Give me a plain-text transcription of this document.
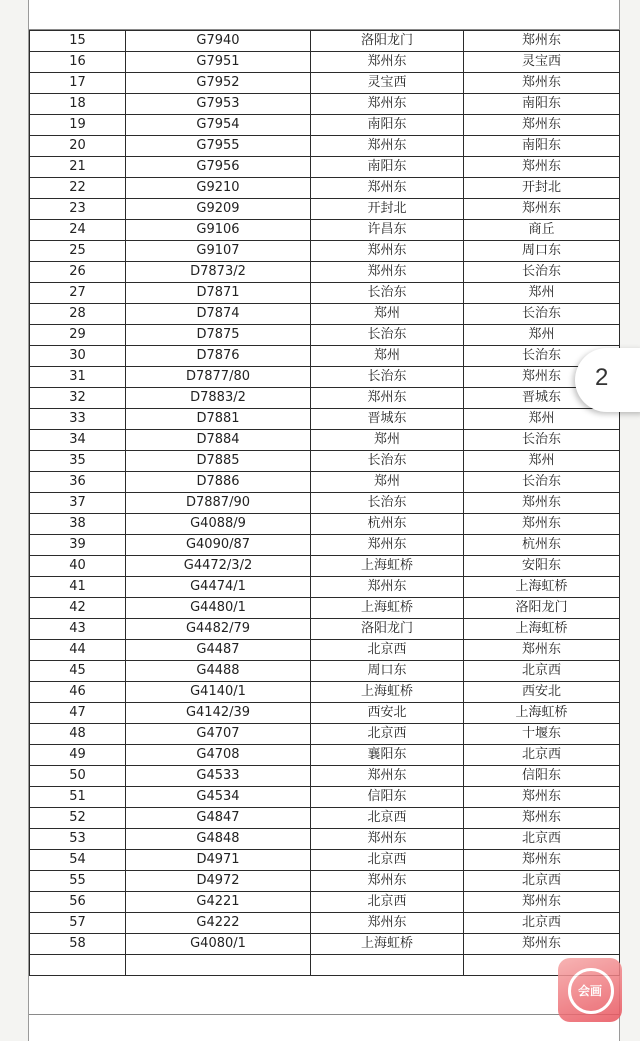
15	G7940	洛阳龙门	郑州东
16	G7951	郑州东	灵宝西
17	G7952	灵宝西	郑州东
18	G7953	郑州东	南阳东
19	G7954	南阳东	郑州东
20	G7955	郑州东	南阳东
21	G7956	南阳东	郑州东
22	G9210	郑州东	开封北
23	G9209	开封北	郑州东
24	G9106	许昌东	商丘
25	G9107	郑州东	周口东
26	D7873/2	郑州东	长治东
27	D7871	长治东	郑州
28	D7874	郑州	长治东
29	D7875	长治东	郑州
30	D7876	郑州	长治东
31	D7877/80	长治东	郑州东
32	D7883/2	郑州东	晋城东
33	D7881	晋城东	郑州
34	D7884	郑州	长治东
35	D7885	长治东	郑州
36	D7886	郑州	长治东
37	D7887/90	长治东	郑州东
38	G4088/9	杭州东	郑州东
39	G4090/87	郑州东	杭州东
40	G4472/3/2	上海虹桥	安阳东
41	G4474/1	郑州东	上海虹桥
42	G4480/1	上海虹桥	洛阳龙门
43	G4482/79	洛阳龙门	上海虹桥
44	G4487	北京西	郑州东
45	G4488	周口东	北京西
46	G4140/1	上海虹桥	西安北
47	G4142/39	西安北	上海虹桥
48	G4707	北京西	十堰东
49	G4708	襄阳东	北京西
50	G4533	郑州东	信阳东
51	G4534	信阳东	郑州东
52	G4847	北京西	郑州东
53	G4848	郑州东	北京西
54	D4971	北京西	郑州东
55	D4972	郑州东	北京西
56	G4221	北京西	郑州东
57	G4222	郑州东	北京西
58	G4080/1	上海虹桥	郑州东

2
会画
